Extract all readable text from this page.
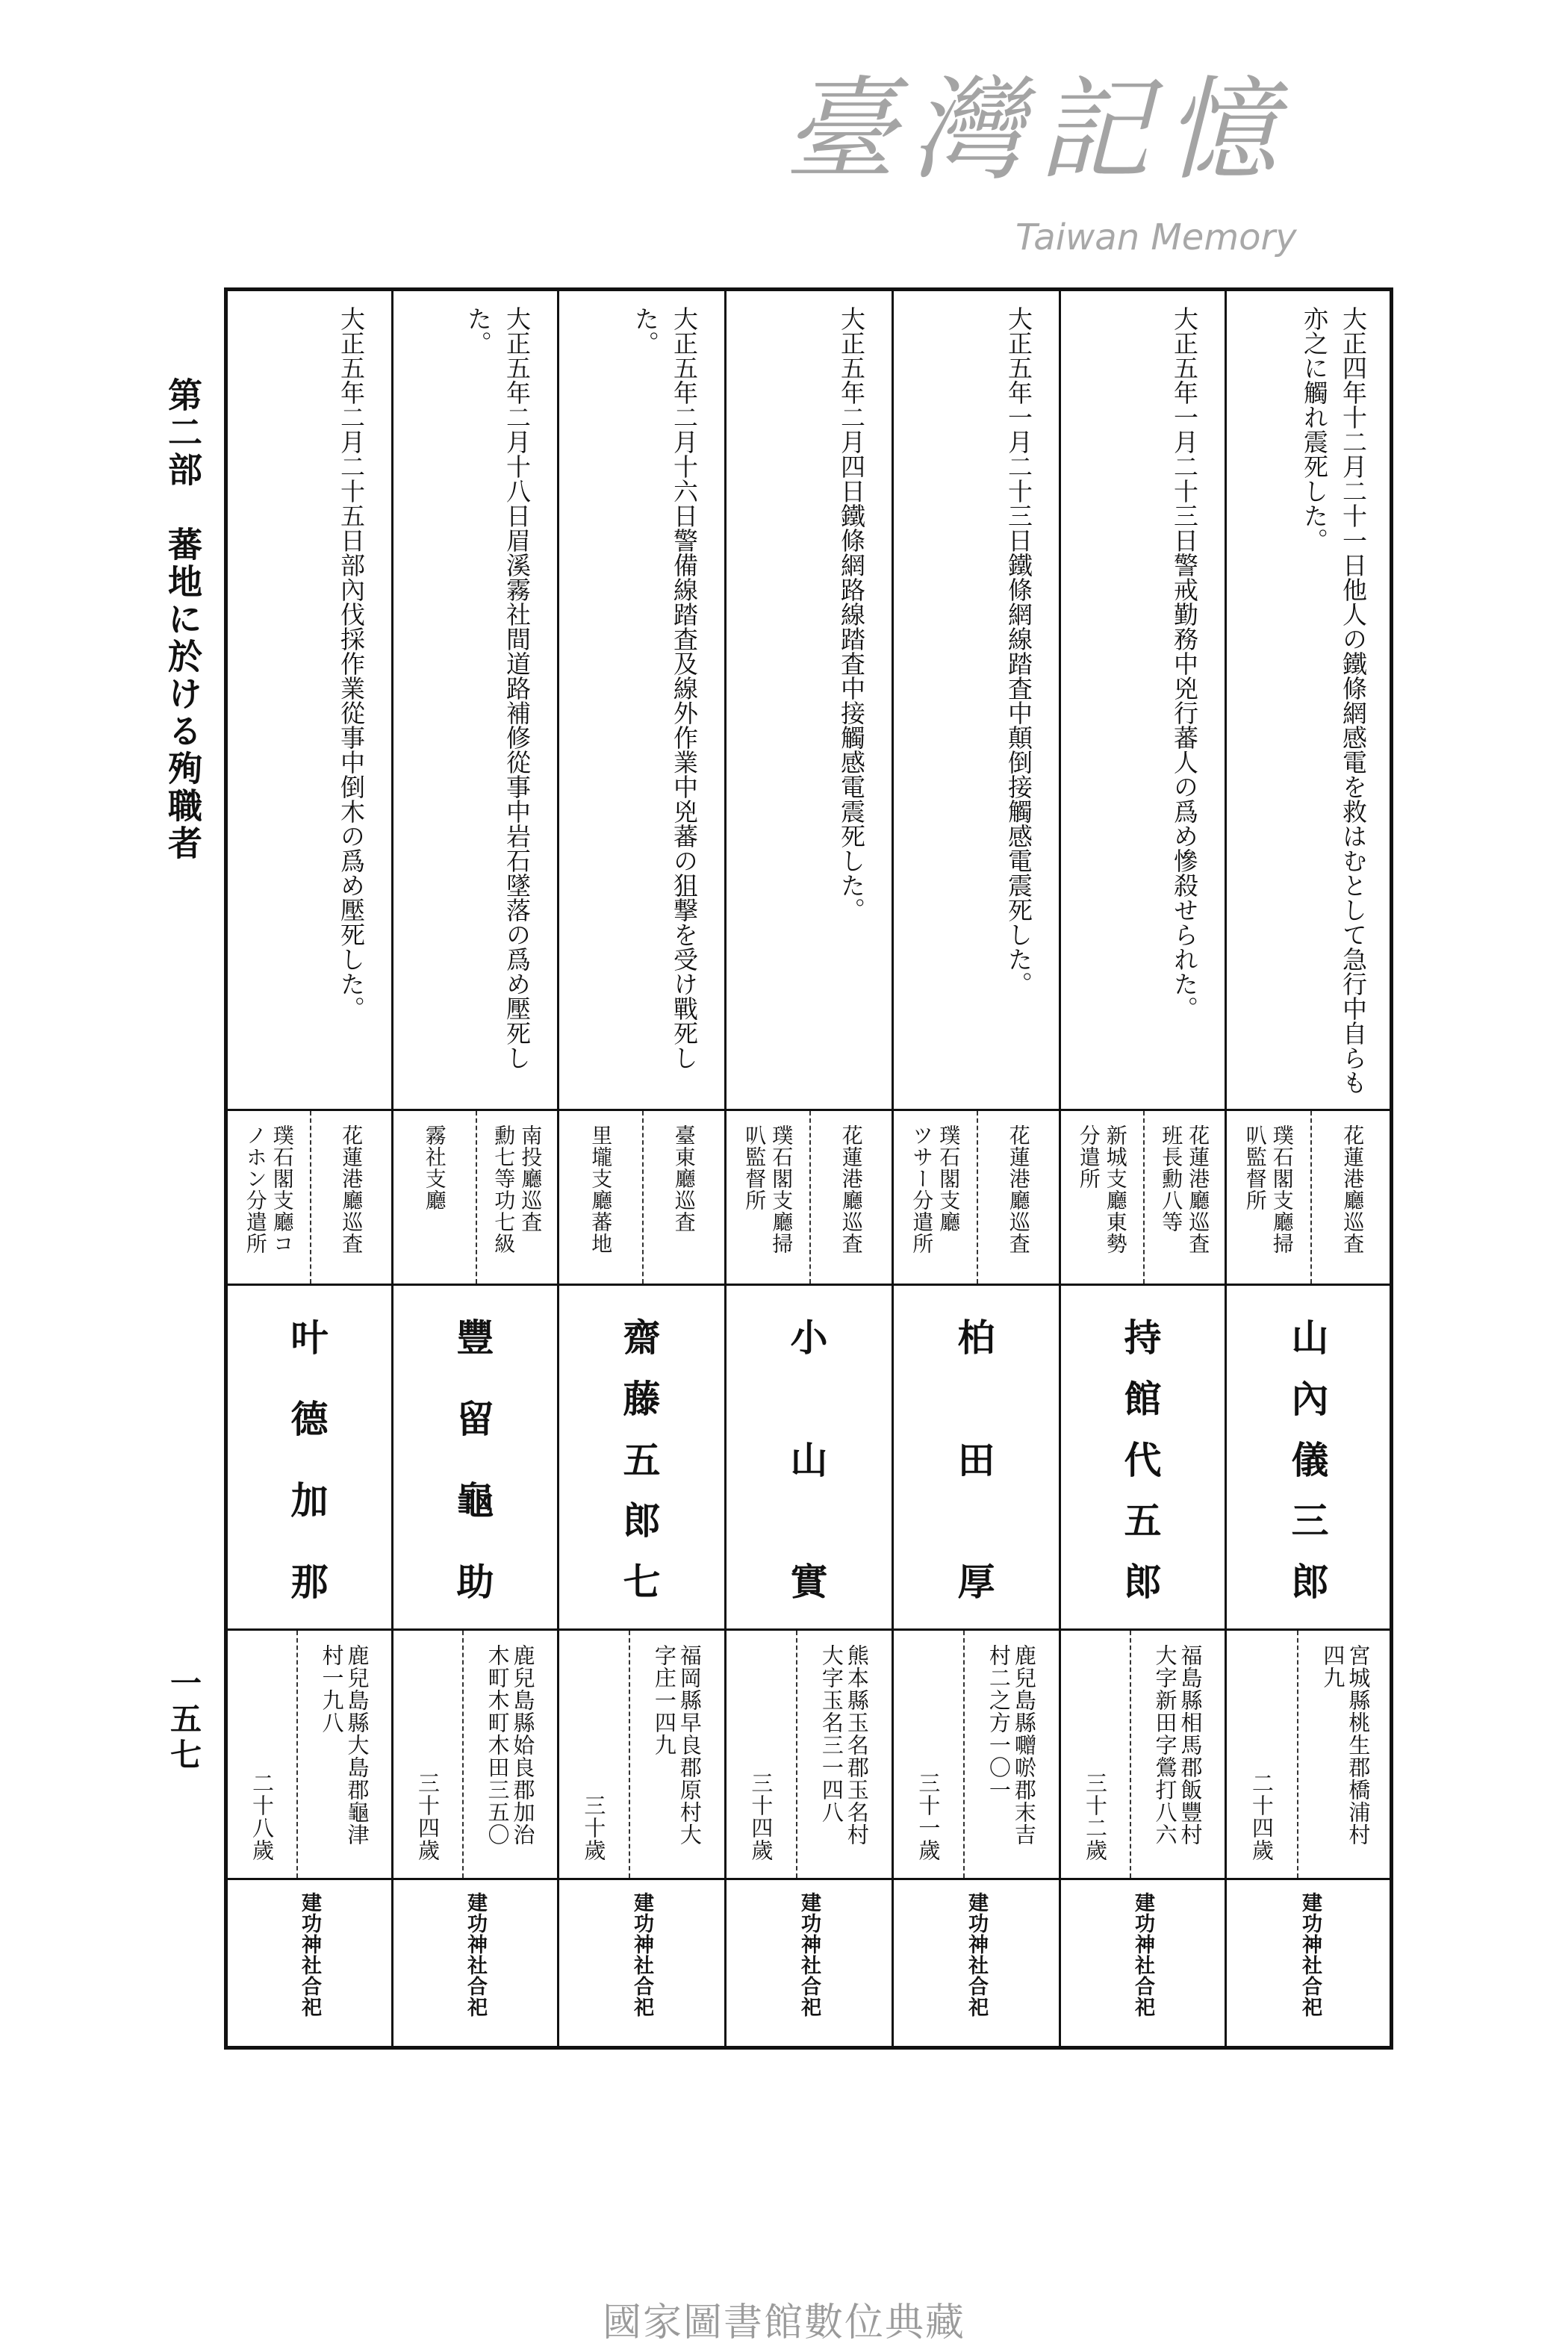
第二部　蕃地に於ける殉職者
一五七
臺灣記憶
Taiwan Memory
大正四年十二月二十一日他人の鐵條網感電を救はむとして急行中自らも
亦之に觸れ震死した。
花蓮港廳巡査
璞石閣支廳掃
叭監督所
山
內
儀
三
郎
宮城縣桃生郡橋浦村
四九
二十四歲
建功神社合祀
大正五年一月二十三日警戒勤務中兇行蕃人の爲め慘殺せられた。
花蓮港廳巡査
班長勳八等
新城支廳東勢
分遣所
持
館
代
五
郎
福島縣相馬郡飯豐村
大字新田字鶯打八六
三十二歲
建功神社合祀
大正五年一月二十三日鐵條網線踏査中顛倒接觸感電震死した。
花蓮港廳巡査
璞石閣支廳
ツサー分遣所
柏
田
厚
鹿兒島縣囎唹郡末吉
村二之方一〇一
三十一歲
建功神社合祀
大正五年二月四日鐵條網路線踏査中接觸感電震死した。
花蓮港廳巡査
璞石閣支廳掃
叭監督所
小
山
實
熊本縣玉名郡玉名村
大字玉名三一四八
三十四歲
建功神社合祀
大正五年二月十六日警備線踏査及線外作業中兇蕃の狙撃を受け戰死し
た。
臺東廳巡査
里壠支廳蕃地
齋
藤
五
郎
七
福岡縣早良郡原村大
字庄一四九
三十歲
建功神社合祀
大正五年二月十八日眉溪霧社間道路補修從事中岩石墜落の爲め壓死し
た。
南投廳巡査
勳七等功七級
霧社支廳
豐
留
龜
助
鹿兒島縣姶良郡加治
木町木町木田三五〇
三十四歲
建功神社合祀
大正五年二月二十五日部內伐採作業從事中倒木の爲め壓死した。
花蓮港廳巡査
璞石閣支廳コ
ノホン分遣所
叶
德
加
那
鹿兒島縣大島郡龜津
村一九八
二十八歲
建功神社合祀
國家圖書館數位典藏
